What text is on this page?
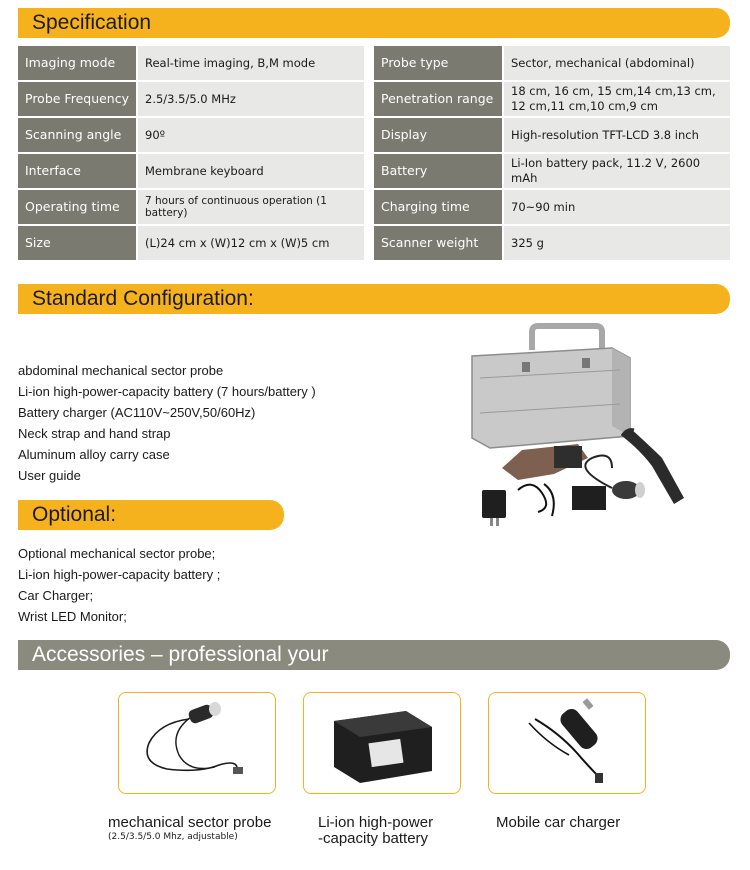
Specification
Imaging mode	Real-time imaging, B,M mode	Probe type	Sector, mechanical (abdominal)
Probe Frequency	2.5/3.5/5.0 MHz	Penetration range	18 cm, 16 cm, 15 cm,14 cm,13 cm, 12 cm,11 cm,10 cm,9 cm
Scanning angle	90º	Display	High-resolution TFT-LCD 3.8 inch
Interface	Membrane keyboard	Battery	Li-Ion battery pack, 11.2 V, 2600 mAh
Operating time	7 hours of continuous operation (1 battery)	Charging time	70~90 min
Size	(L)24 cm x (W)12 cm x (W)5 cm	Scanner weight	325 g
Standard Configuration:
abdominal mechanical sector probe
Li-ion high-power-capacity battery (7 hours/battery )
Battery charger (AC110V~250V,50/60Hz)
Neck strap and hand strap
Aluminum alloy carry case
User guide
Optional:
Optional mechanical sector probe;
Li-ion high-power-capacity battery ;
Car Charger;
Wrist LED Monitor;
Accessories – professional your
mechanical sector probe
(2.5/3.5/5.0 Mhz, adjustable)
Li-ion high-power
-capacity battery
Mobile car charger
